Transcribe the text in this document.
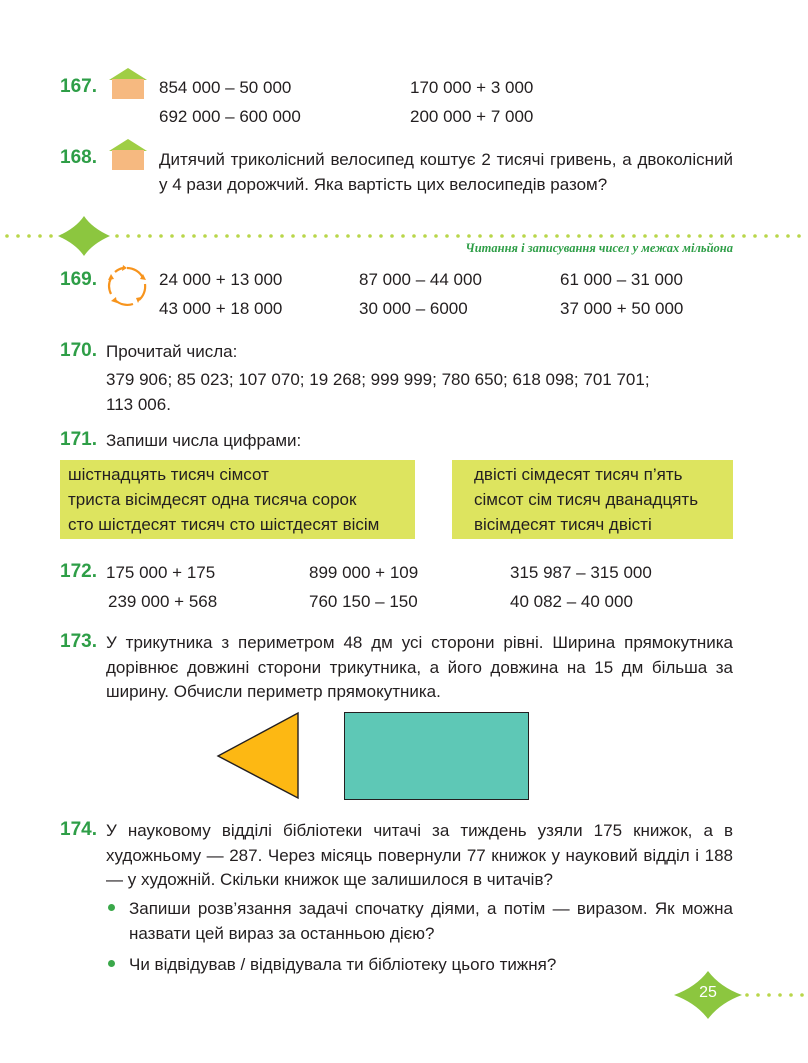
167.	854 000 – 50 000	170 000 + 3 000
692 000 – 600 000	200 000 + 7 000
168.	Дитячий триколісний велосипед коштує 2 тисячі гривень, а двоколісний у 4 рази дорожчий. Яка вартість цих велосипедів разом?
Читання і записування чисел у межах мільйона
169.	24 000 + 13 000	87 000 – 44 000	61 000 – 31 000
43 000 + 18 000	30 000 – 6000	37 000 + 50 000
170. Прочитай числа:
379 906; 85 023; 107 070; 19 268; 999 999; 780 650; 618 098; 701 701;
113 006.
171. Запиши числа цифрами:
шістнадцять тисяч сімсот
триста вісімдесят одна тисяча сорок
сто шістдесят тисяч сто шістдесят вісім
двісті сімдесят тисяч п’ять
сімсот сім тисяч дванадцять
вісімдесят тисяч двісті
172. 175 000 + 175	899 000 + 109	315 987 – 315 000
239 000 + 568	760 150 – 150	40 082 – 40 000
173. У трикутника з периметром 48 дм усі сторони рівні. Ширина прямокутника дорівнює довжині сторони трикутника, а його довжина на 15 дм більша за ширину. Обчисли периметр прямокутника.
174. У науковому відділі бібліотеки читачі за тиждень узяли 175 книжок, а в художньому — 287. Через місяць повернули 77 книжок у науковий відділ і 188 — у художній. Скільки книжок ще залишилося в читачів?
Запиши розв’язання задачі спочатку діями, а потім — виразом. Як можна назвати цей вираз за останньою дією?
Чи відвідував / відвідувала ти бібліотеку цього тижня?
25
